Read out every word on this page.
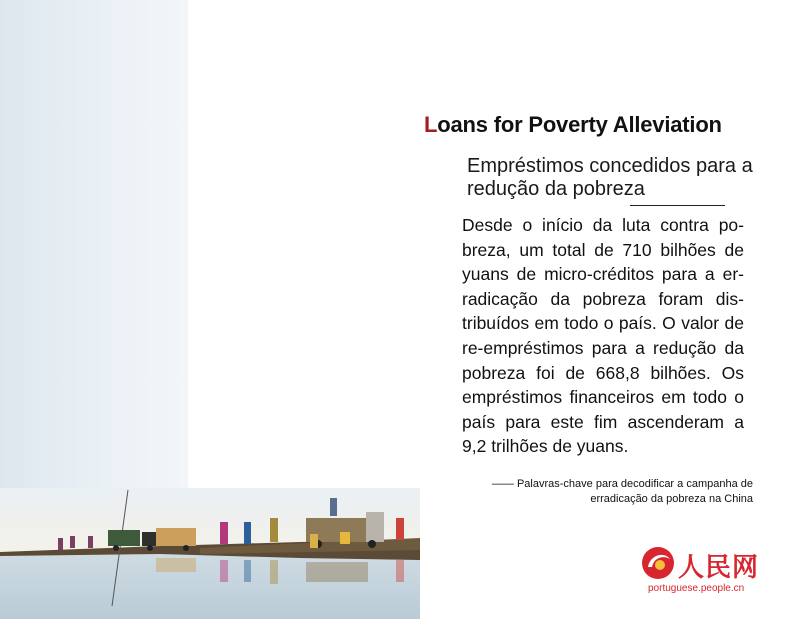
Loans for Poverty Alleviation
Empréstimos concedidos para a redução da pobreza
Desde o início da luta contra pobreza, um total de 710 bilhões de yuans de micro-créditos para a erradicação da pobreza foram distribuídos em todo o país. O valor de re-empréstimos para a redução da pobreza foi de 668,8 bilhões. Os empréstimos financeiros em todo o país para este fim ascenderam a 9,2 trilhões de yuans.
—— Palavras-chave para decodificar a campanha de
erradicação da pobreza na China
人民网
portuguese.people.cn
